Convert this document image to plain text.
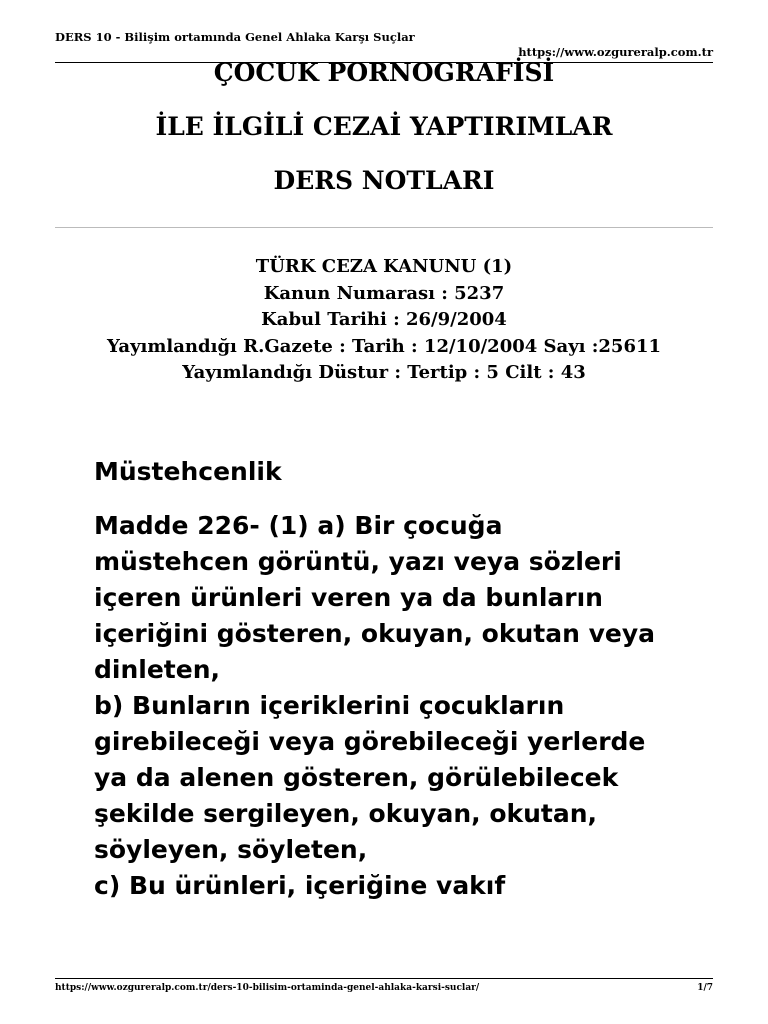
DERS 10 - Bilişim ortamında Genel Ahlaka Karşı Suçlar
https://www.ozgureralp.com.tr
ÇOCUK PORNOGRAFİSİ
İLE İLGİLİ CEZAİ YAPTIRIMLAR
DERS NOTLARI
TÜRK CEZA KANUNU (1)
Kanun Numarası : 5237
Kabul Tarihi : 26/9/2004
Yayımlandığı R.Gazete : Tarih : 12/10/2004 Sayı :25611
Yayımlandığı Düstur : Tertip : 5 Cilt : 43
Müstehcenlik
Madde 226- (1) a) Bir çocuğa
müstehcen görüntü, yazı veya sözleri
içeren ürünleri veren ya da bunların
içeriğini gösteren, okuyan, okutan veya
dinleten,
b) Bunların içeriklerini çocukların
girebileceği veya görebileceği yerlerde
ya da alenen gösteren, görülebilecek
şekilde sergileyen, okuyan, okutan,
söyleyen, söyleten,
c) Bu ürünleri, içeriğine vakıf
https://www.ozgureralp.com.tr/ders-10-bilisim-ortaminda-genel-ahlaka-karsi-suclar/	1/7
